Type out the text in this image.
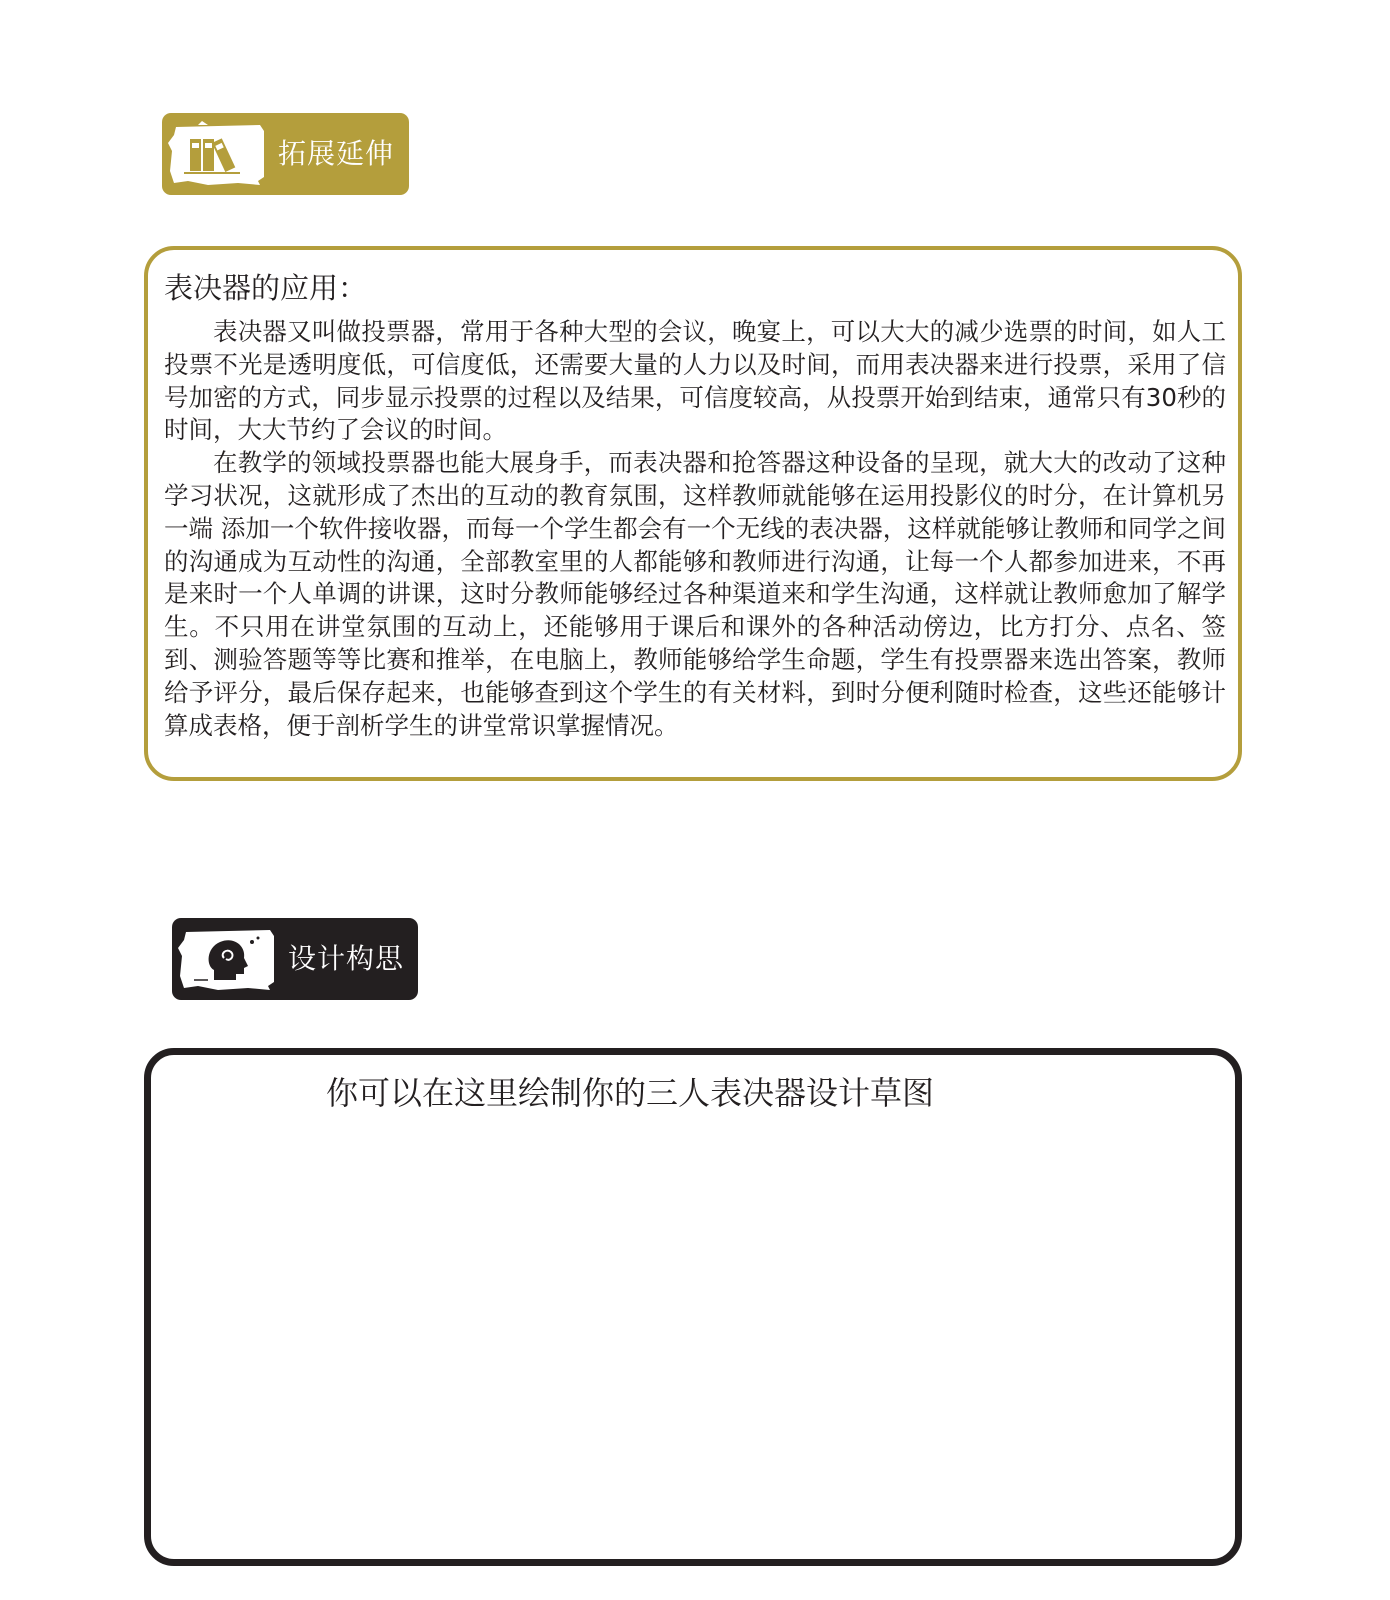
拓展延伸
表决器的应用：

表决器又叫做投票器，常用于各种大型的会议，晚宴上，可以大大的减少选票的时间，如人工投票不光是透明度低，可信度低，还需要大量的人力以及时间，而用表决器来进行投票，采用了信号加密的方式，同步显示投票的过程以及结果，可信度较高，从投票开始到结束，通常只有30秒的时间，大大节约了会议的时间。

在教学的领域投票器也能大展身手，而表决器和抢答器这种设备的呈现，就大大的改动了这种学习状况，这就形成了杰出的互动的教育氛围，这样教师就能够在运用投影仪的时分，在计算机另一端 添加一个软件接收器，而每一个学生都会有一个无线的表决器，这样就能够让教师和同学之间的沟通成为互动性的沟通，全部教室里的人都能够和教师进行沟通，让每一个人都参加进来，不再是来时一个人单调的讲课，这时分教师能够经过各种渠道来和学生沟通，这样就让教师愈加了解学生。不只用在讲堂氛围的互动上，还能够用于课后和课外的各种活动傍边，比方打分、点名、签到、测验答题等等比赛和推举，在电脑上，教师能够给学生命题，学生有投票器来选出答案，教师给予评分，最后保存起来，也能够查到这个学生的有关材料，到时分便利随时检查，这些还能够计算成表格，便于剖析学生的讲堂常识掌握情况。

设计构思
你可以在这里绘制你的三人表决器设计草图
